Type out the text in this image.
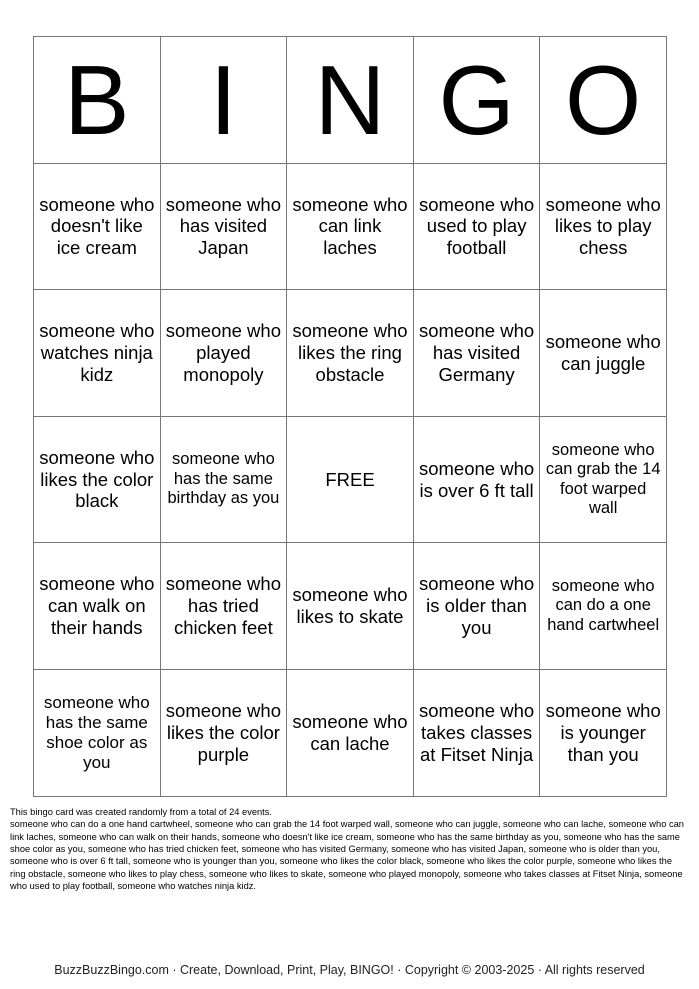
B	I	N	G	O
someone who doesn't like ice cream	someone who has visited Japan	someone who can link laches	someone who used to play football	someone who likes to play chess
someone who watches ninja kidz	someone who played monopoly	someone who likes the ring obstacle	someone who has visited Germany	someone who can juggle
someone who likes the color black	someone who has the same birthday as you	FREE	someone who is over 6 ft tall	someone who can grab the 14 foot warped wall
someone who can walk on their hands	someone who has tried chicken feet	someone who likes to skate	someone who is older than you	someone who can do a one hand cartwheel
someone who has the same shoe color as you	someone who likes the color purple	someone who can lache	someone who takes classes at Fitset Ninja	someone who is younger than you

This bingo card was created randomly from a total of 24 events.

someone who can do a one hand cartwheel, someone who can grab the 14 foot warped wall, someone who can juggle, someone who can lache, someone who can link laches, someone who can walk on their hands, someone who doesn't like ice cream, someone who has the same birthday as you, someone who has the same shoe color as you, someone who has tried chicken feet, someone who has visited Germany, someone who has visited Japan, someone who is older than you, someone who is over 6 ft tall, someone who is younger than you, someone who likes the color black, someone who likes the color purple, someone who likes the ring obstacle, someone who likes to play chess, someone who likes to skate, someone who played monopoly, someone who takes classes at Fitset Ninja, someone who used to play football, someone who watches ninja kidz.

BuzzBuzzBingo.com · Create, Download, Print, Play, BINGO! · Copyright © 2003-2025 · All rights reserved
